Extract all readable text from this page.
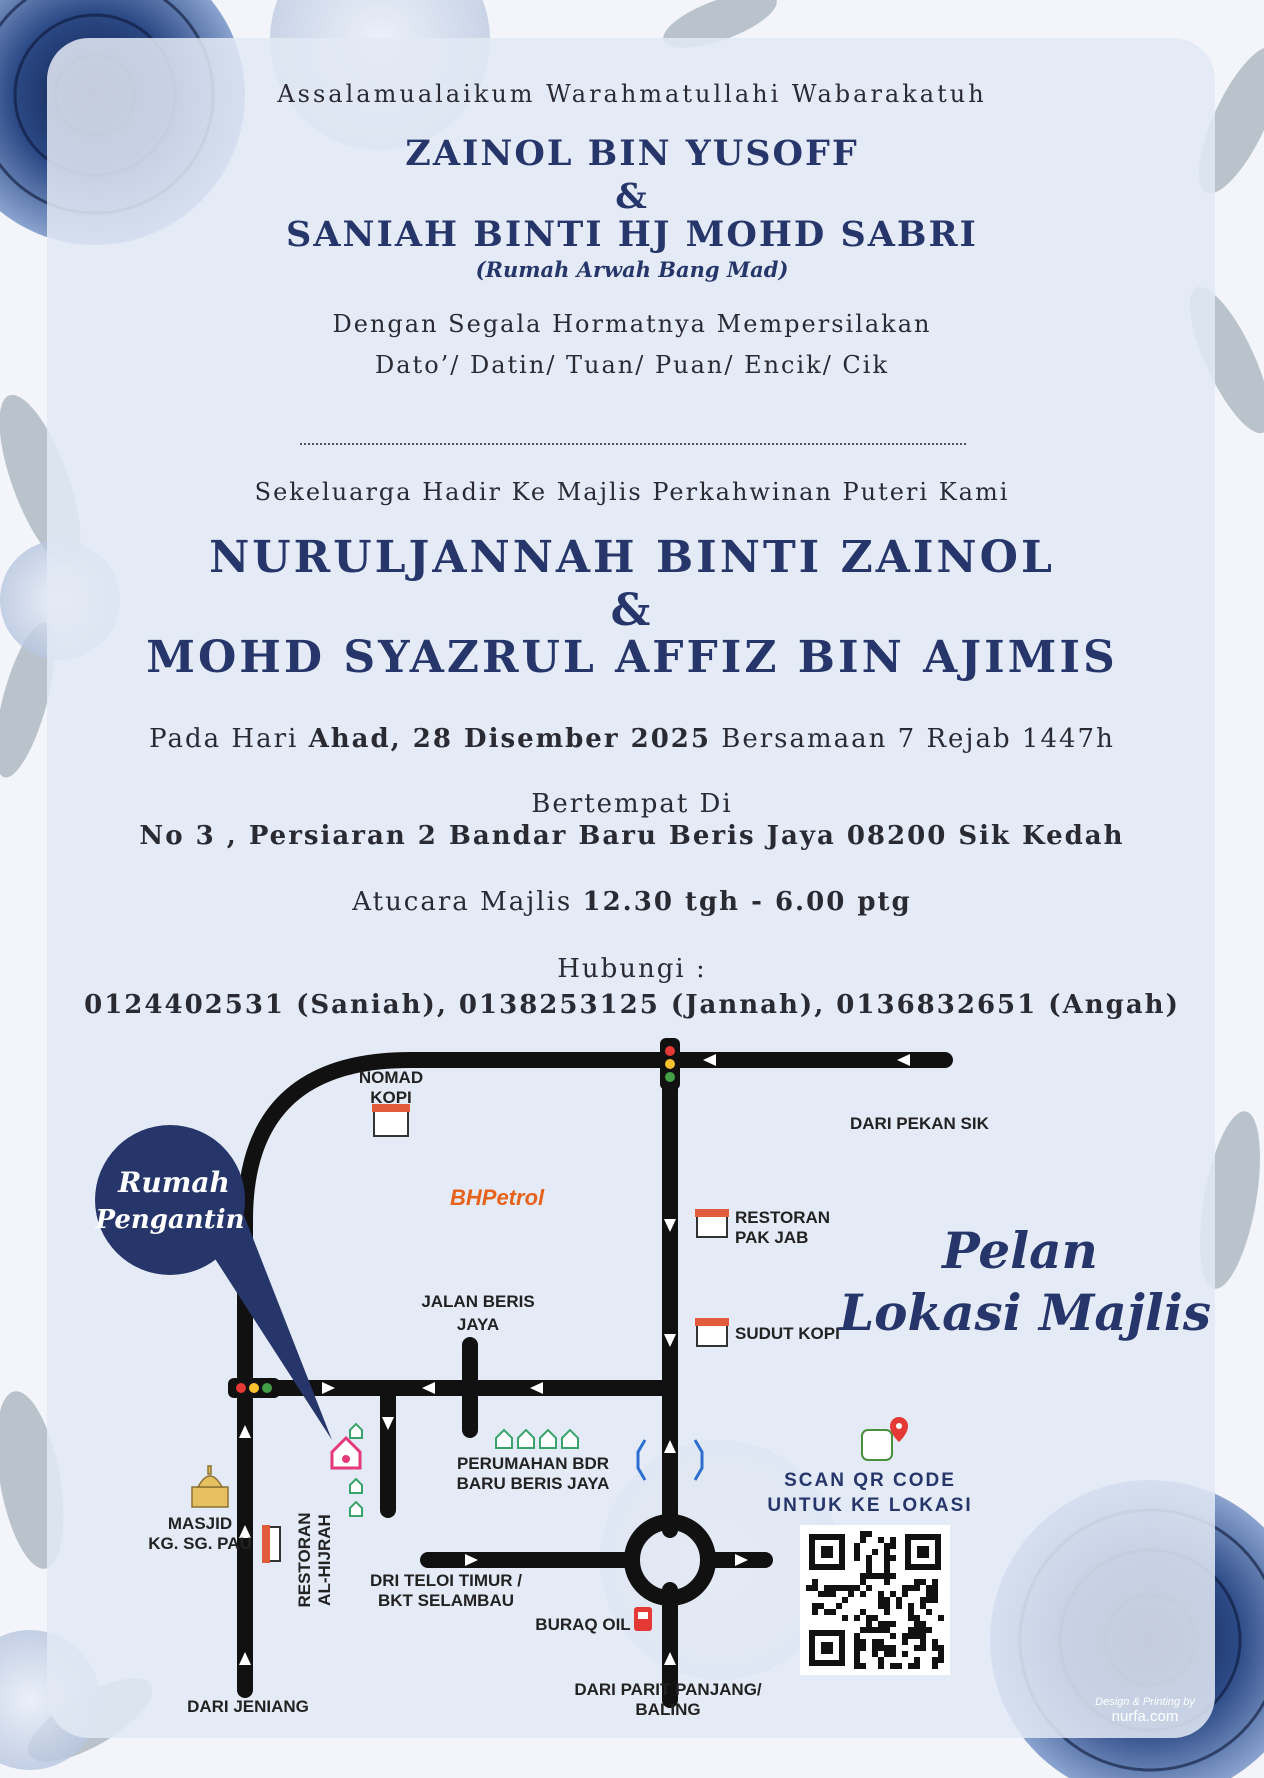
Assalamualaikum Warahmatullahi Wabarakatuh
ZAINOL BIN YUSOFF
&
SANIAH BINTI HJ MOHD SABRI
(Rumah Arwah Bang Mad)
Dengan Segala Hormatnya Mempersilakan
Dato’/ Datin/ Tuan/ Puan/ Encik/ Cik
Sekeluarga Hadir Ke Majlis Perkahwinan Puteri Kami
NURULJANNAH BINTI ZAINOL
&
MOHD SYAZRUL AFFIZ BIN AJIMIS
Pada Hari Ahad, 28 Disember 2025 Bersamaan 7 Rejab 1447h
Bertempat Di
No 3 , Persiaran 2 Bandar Baru Beris Jaya 08200 Sik Kedah
Atucara Majlis 12.30 tgh - 6.00 ptg
Hubungi :
0124402531 (Saniah), 0138253125 (Jannah), 0136832651 (Angah)
Rumah
Pengantin
NOMAD
KOPI
DARI PEKAN SIK
BHPetrol
RESTORAN
PAK JAB
JALAN BERIS
JAYA	SUDUT KOPI
PERUMAHAN BDR
BARU BERIS JAYA
MASJID
KG. SG. PAU	RESTORAN AL-HIJRAH DRI TELOI TIMUR /
BKT SELAMBAU
BURAQ OIL
DARI PARIT PANJANG/
BALING
DARI JENIANG
Pelan
Lokasi Majlis
SCAN QR CODE
UNTUK KE LOKASI
Design & Printing by
nurfa.com
